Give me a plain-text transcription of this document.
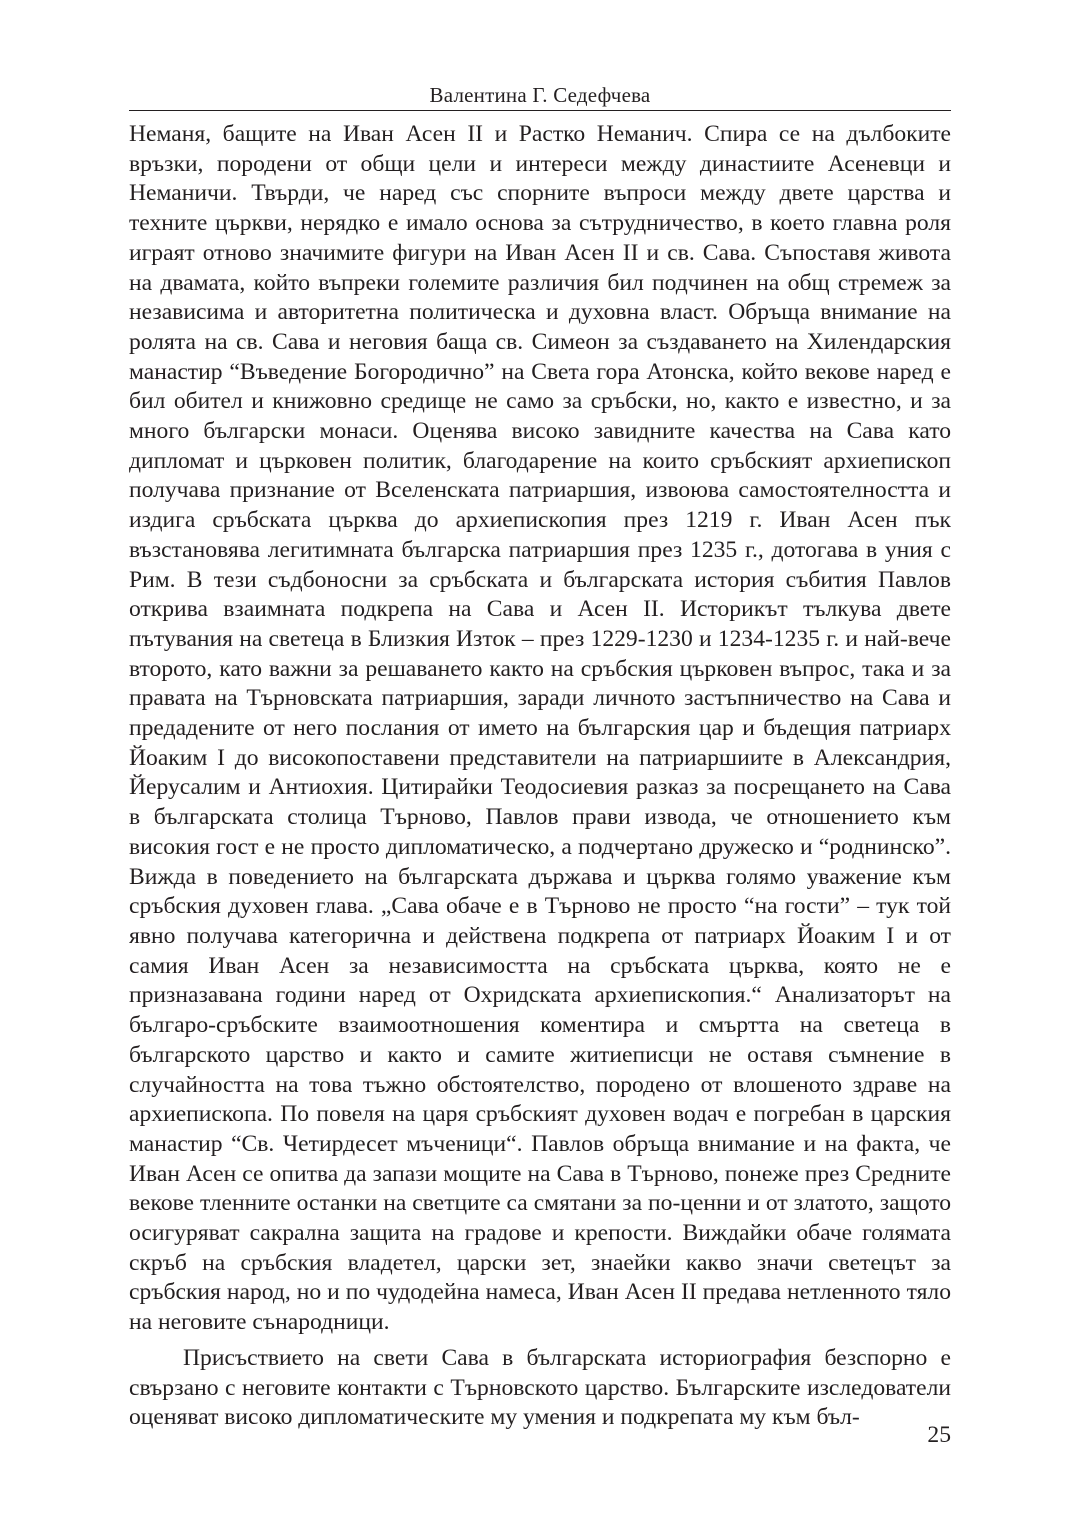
Валентина Г. Седефчева

Неманя, бащите на Иван Асен II и Растко Неманич. Спира се на дълбоките връзки, породени от общи цели и интереси между династиите Асеневци и Неманичи. Твърди, че наред със спорните въпроси между двете царства и техните църкви, нерядко е имало основа за сътрудничество, в което главна роля играят отново значимите фигури на Иван Асен II и св. Сава. Съпоставя живота на двамата, който въпреки големите различия бил подчинен на общ стремеж за независима и авторитетна политическа и духовна власт. Обръща внимание на ролята на св. Сава и неговия баща св. Симеон за създаването на Хилендарския манастир “Въведение Богородично” на Света гора Атонска, който векове наред е бил обител и книжовно средище не само за сръбски, но, както е известно, и за много български монаси. Оценява високо завидните качества на Сава като дипломат и църковен политик, благодарение на които сръбският архиепископ получава признание от Вселенската патриаршия, извоюва самостоятелността и издига сръбската църква до архиепископия през 1219 г. Иван Асен пък възстановява легитимната българска патриаршия през 1235 г., дотогава в уния с Рим. В тези съдбоносни за сръбската и българската история събития Павлов открива взаимната подкрепа на Сава и Асен II. Историкът тълкува двете пътувания на светеца в Близкия Изток – през 1229-1230 и 1234-1235 г. и най-вече второто, като важни за решаването както на сръбския църковен въпрос, така и за правата на Търновската патриаршия, заради личното застъпничество на Сава и предадените от него послания от името на българския цар и бъдещия патриарх Йоаким I до високопоставени представители на патриаршиите в Александрия, Йерусалим и Антиохия. Цитирайки Теодосиевия разказ за посрещането на Сава в българската столица Търново, Павлов прави извода, че отношението към високия гост е не просто дипломатическо, а подчертано дружеско и “роднинско”. Вижда в поведението на българската държава и църква голямо уважение към сръбския духовен глава. „Сава обаче е в Търново не просто “на гости” – тук той явно получава категорична и действена подкрепа от патриарх Йоаким I и от самия Иван Асен за независимостта на сръбската църква, която не е призназавана години наред от Охридската архиепископия.“ Анализаторът на българо-сръбските взаимоотношения коментира и смъртта на светеца в българското царство и както и самите житиеписци не оставя съмнение в случайността на това тъжно обстоятелство, породено от влошеното здраве на архиепископа. По повеля на царя сръбският духовен водач е погребан в царския манастир “Св. Четирдесет мъченици“. Павлов обръща внимание и на факта, че Иван Асен се опитва да запази мощите на Сава в Търново, понеже през Средните векове тленните останки на светците са смятани за по-ценни и от златото, защото осигуряват сакрална защита на градове и крепости. Виждайки обаче голямата скръб на сръбския владетел, царски зет, знаейки какво значи светецът за сръбския народ, но и по чудодейна намеса, Иван Асен II предава нетленното тяло на неговите сънародници.

Присъствието на свети Сава в българската историография безспорно е свързано с неговите контакти с Търновското царство. Българските изследователи оценяват високо дипломатическите му умения и подкрепата му към бъл-

25
